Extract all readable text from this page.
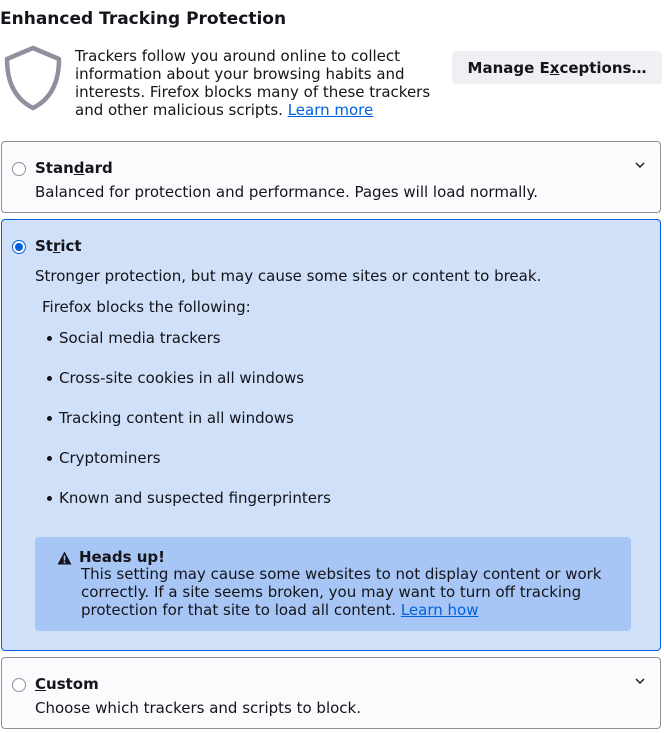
Enhanced Tracking Protection

Trackers follow you around online to collect information about your browsing habits and interests. Firefox blocks many of these trackers and other malicious scripts. Learn more

Manage Exceptions…
Standard
Balanced for protection and performance. Pages will load normally.
Strict
Stronger protection, but may cause some sites or content to break.
Firefox blocks the following:
Social media trackers
Cross-site cookies in all windows
Tracking content in all windows
Cryptominers
Known and suspected fingerprinters
Heads up!

This setting may cause some websites to not display content or work correctly. If a site seems broken, you may want to turn off tracking protection for that site to load all content. Learn how

Custom
Choose which trackers and scripts to block.
